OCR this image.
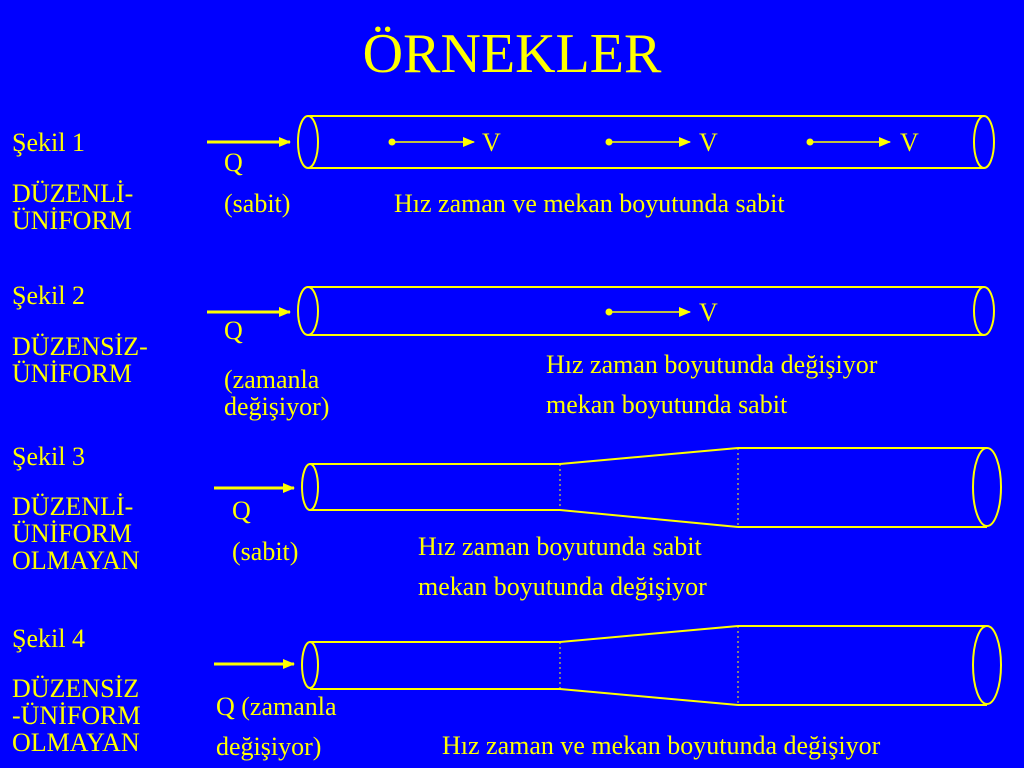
ÖRNEKLER
Şekil 1
DÜZENLİ-
ÜNİFORM
Q
(sabit)
V	V	V
Hız zaman ve mekan boyutunda sabit
Şekil 2
DÜZENSİZ-
ÜNİFORM
Q
(zamanla
değişiyor)
V
Hız zaman boyutunda değişiyor
mekan boyutunda sabit
Şekil 3
DÜZENLİ-
ÜNİFORM
OLMAYAN
Q
(sabit)	Hız zaman boyutunda sabit
mekan boyutunda değişiyor
Şekil 4
DÜZENSİZ
-ÜNİFORM
OLMAYAN
Q (zamanla
değişiyor)	Hız zaman ve mekan boyutunda değişiyor
